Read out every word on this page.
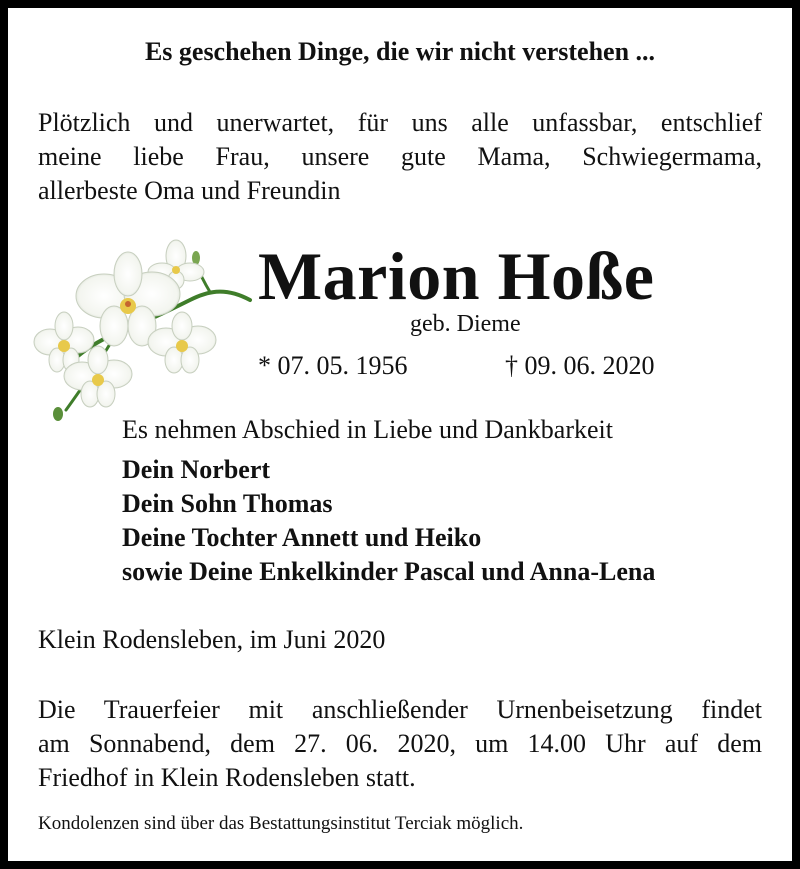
Es geschehen Dinge, die wir nicht verstehen ...

Plötzlich und unerwartet, für uns alle unfassbar, entschlief
meine liebe Frau, unsere gute Mama, Schwiegermama,
allerbeste Oma und Freundin

Marion Hoße
geb. Dieme
* 07. 05. 1956	† 09. 06. 2020
Es nehmen Abschied in Liebe und Dankbarkeit
Dein Norbert
Dein Sohn Thomas
Deine Tochter Annett und Heiko
sowie Deine Enkelkinder Pascal und Anna-Lena
Klein Rodensleben, im Juni 2020

Die Trauerfeier mit anschließender Urnenbeisetzung findet
am Sonnabend, dem 27. 06. 2020, um 14.00 Uhr auf dem
Friedhof in Klein Rodensleben statt.

Kondolenzen sind über das Bestattungsinstitut Terciak möglich.
